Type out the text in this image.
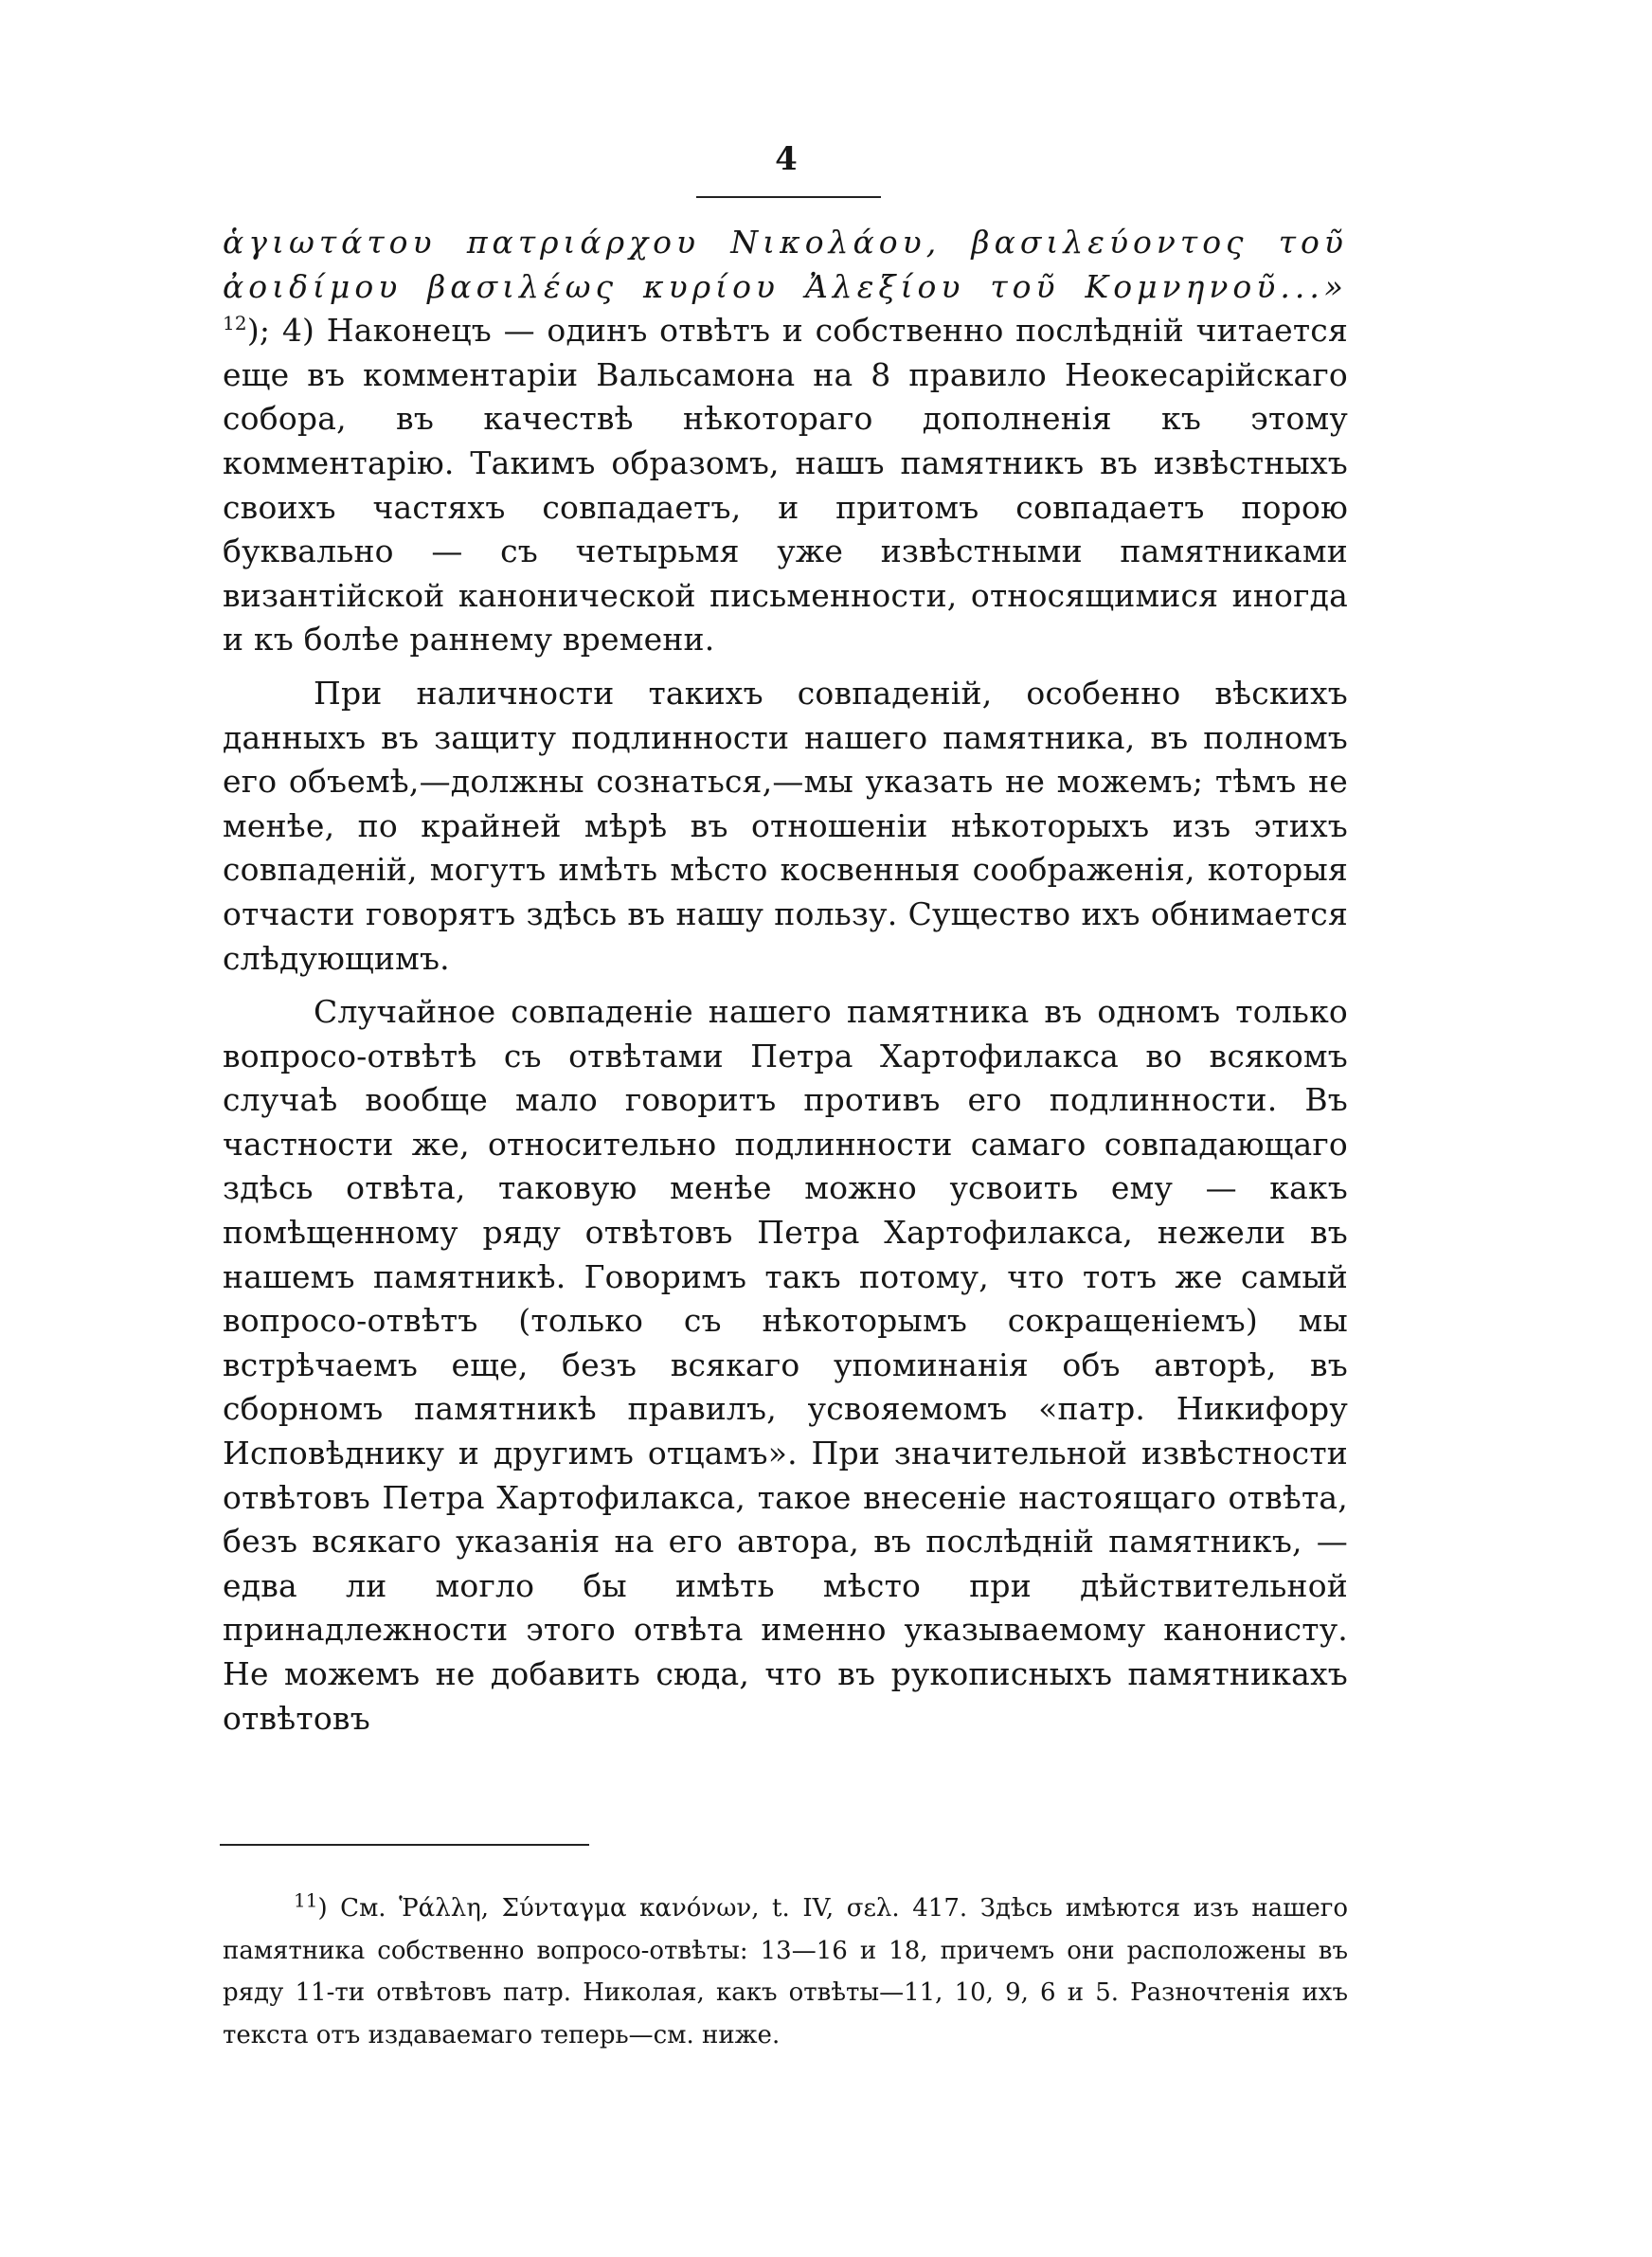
4

ἁγιωτάτου πατριάρχου Νικολάου, βασιλεύοντος τοῦ ἀοιδίμου βασιλέως κυρίου Ἀλεξίου τοῦ Κομνηνοῦ...» $^{12}$); 4) Наконецъ — одинъ отвѣтъ и собственно послѣднiй читается еще въ комментарiи Вальсамона на 8 правило Неокесарiйскаго собора, въ качествѣ нѣкотораго дополненiя къ этому комментарiю. Такимъ образомъ, нашъ памятникъ въ извѣстныхъ своихъ частяхъ совпадаетъ, и притомъ совпадаетъ порою буквально — съ четырьмя уже извѣстными памятниками византiйской канонической письменности, относящимися иногда и къ болѣе раннему времени.

При наличности такихъ совпаденiй, особенно вѣскихъ данныхъ въ защиту подлинности нашего памятника, въ полномъ его объемѣ,—должны сознаться,—мы указать не можемъ; тѣмъ не менѣе, по крайней мѣрѣ въ отношенiи нѣкоторыхъ изъ этихъ совпаденiй, могутъ имѣть мѣсто косвенныя соображенiя, которыя отчасти говорятъ здѣсь въ нашу пользу. Существо ихъ обнимается слѣдующимъ.

Случайное совпаденiе нашего памятника въ одномъ только вопросо-отвѣтѣ съ отвѣтами Петра Хартофилакса во всякомъ случаѣ вообще мало говоритъ противъ его подлинности. Въ частности же, относительно подлинности самаго совпадающаго здѣсь отвѣта, таковую менѣе можно усвоить ему — какъ помѣщенному ряду отвѣтовъ Петра Хартофилакса, нежели въ нашемъ памятникѣ. Говоримъ такъ потому, что тотъ же самый вопросо-отвѣтъ (только съ нѣкоторымъ сокращенiемъ) мы встрѣчаемъ еще, безъ всякаго упоминанiя объ авторѣ, въ сборномъ памятникѣ правилъ, усвояемомъ «патр. Никифору Исповѣднику и другимъ отцамъ». При значительной извѣстности отвѣтовъ Петра Хартофилакса, такое внесенiе настоящаго отвѣта, безъ всякаго указанiя на его автора, въ послѣднiй памятникъ, — едва ли могло бы имѣть мѣсто при дѣйствительной принадлежности этого отвѣта именно указываемому канонисту. Не можемъ не добавить сюда, что въ рукописныхъ памятникахъ отвѣтовъ

$^{11}$) См. Ῥάλλη, Σύνταγμα κανόνων, t. IV, σελ. 417. Здѣсь имѣются изъ нашего памятника собственно вопросо-отвѣты: 13—16 и 18, причемъ они расположены въ ряду 11-ти отвѣтовъ патр. Николая, какъ отвѣты—11, 10, 9, 6 и 5. Разночтенiя ихъ текста отъ издаваемаго теперь—см. ниже.
